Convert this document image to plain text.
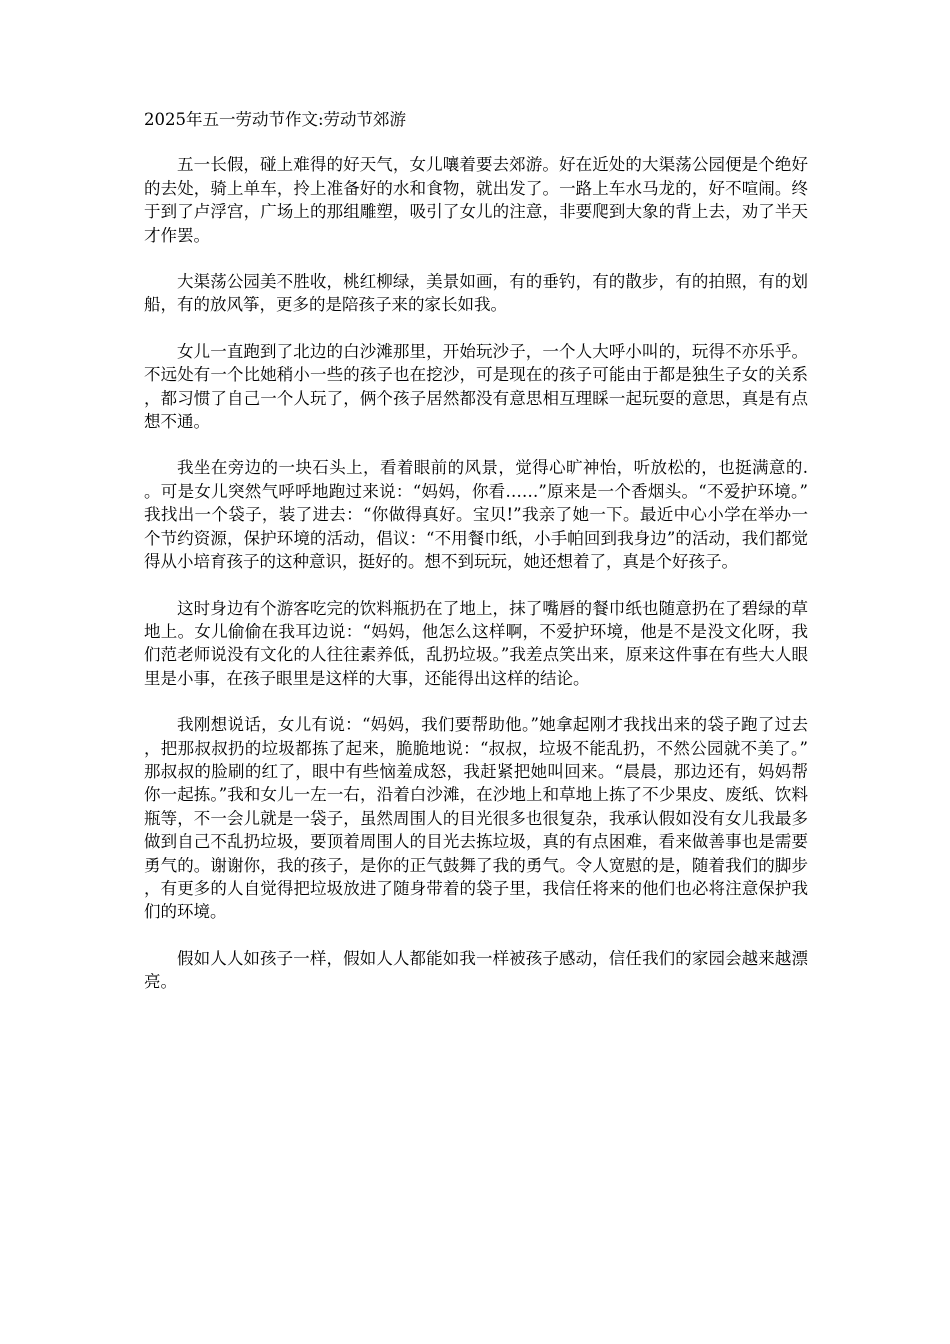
2025年五一劳动节作文:劳动节郊游

五一长假，碰上难得的好天气，女儿嚷着要去郊游。好在近处的大渠荡公园便是个绝好的去处，骑上单车，拎上准备好的水和食物，就出发了。一路上车水马龙的，好不喧闹。终于到了卢浮宫，广场上的那组雕塑，吸引了女儿的注意，非要爬到大象的背上去，劝了半天才作罢。

大渠荡公园美不胜收，桃红柳绿，美景如画，有的垂钓，有的散步，有的拍照，有的划船，有的放风筝，更多的是陪孩子来的家长如我。

女儿一直跑到了北边的白沙滩那里，开始玩沙子，一个人大呼小叫的，玩得不亦乐乎。不远处有一个比她稍小一些的孩子也在挖沙，可是现在的孩子可能由于都是独生子女的关系，都习惯了自己一个人玩了，俩个孩子居然都没有意思相互理睬一起玩耍的意思，真是有点想不通。

我坐在旁边的一块石头上，看着眼前的风景，觉得心旷神怡，听放松的，也挺满意的.。可是女儿突然气呼呼地跑过来说：“妈妈，你看……”原来是一个香烟头。“不爱护环境。”我找出一个袋子，装了进去：“你做得真好。宝贝!”我亲了她一下。最近中心小学在举办一个节约资源，保护环境的活动，倡议：“不用餐巾纸，小手帕回到我身边”的活动，我们都觉得从小培育孩子的这种意识，挺好的。想不到玩玩，她还想着了，真是个好孩子。

这时身边有个游客吃完的饮料瓶扔在了地上，抹了嘴唇的餐巾纸也随意扔在了碧绿的草地上。女儿偷偷在我耳边说：“妈妈，他怎么这样啊，不爱护环境，他是不是没文化呀，我们范老师说没有文化的人往往素养低，乱扔垃圾。”我差点笑出来，原来这件事在有些大人眼里是小事，在孩子眼里是这样的大事，还能得出这样的结论。

我刚想说话，女儿有说：“妈妈，我们要帮助他。”她拿起刚才我找出来的袋子跑了过去，把那叔叔扔的垃圾都拣了起来，脆脆地说：“叔叔，垃圾不能乱扔，不然公园就不美了。”那叔叔的脸刷的红了，眼中有些恼羞成怒，我赶紧把她叫回来。“晨晨，那边还有，妈妈帮你一起拣。”我和女儿一左一右，沿着白沙滩，在沙地上和草地上拣了不少果皮、废纸、饮料瓶等，不一会儿就是一袋子，虽然周围人的目光很多也很复杂，我承认假如没有女儿我最多做到自己不乱扔垃圾，要顶着周围人的目光去拣垃圾，真的有点困难，看来做善事也是需要勇气的。谢谢你，我的孩子，是你的正气鼓舞了我的勇气。令人宽慰的是，随着我们的脚步，有更多的人自觉得把垃圾放进了随身带着的袋子里，我信任将来的他们也必将注意保护我们的环境。

假如人人如孩子一样，假如人人都能如我一样被孩子感动，信任我们的家园会越来越漂亮。
